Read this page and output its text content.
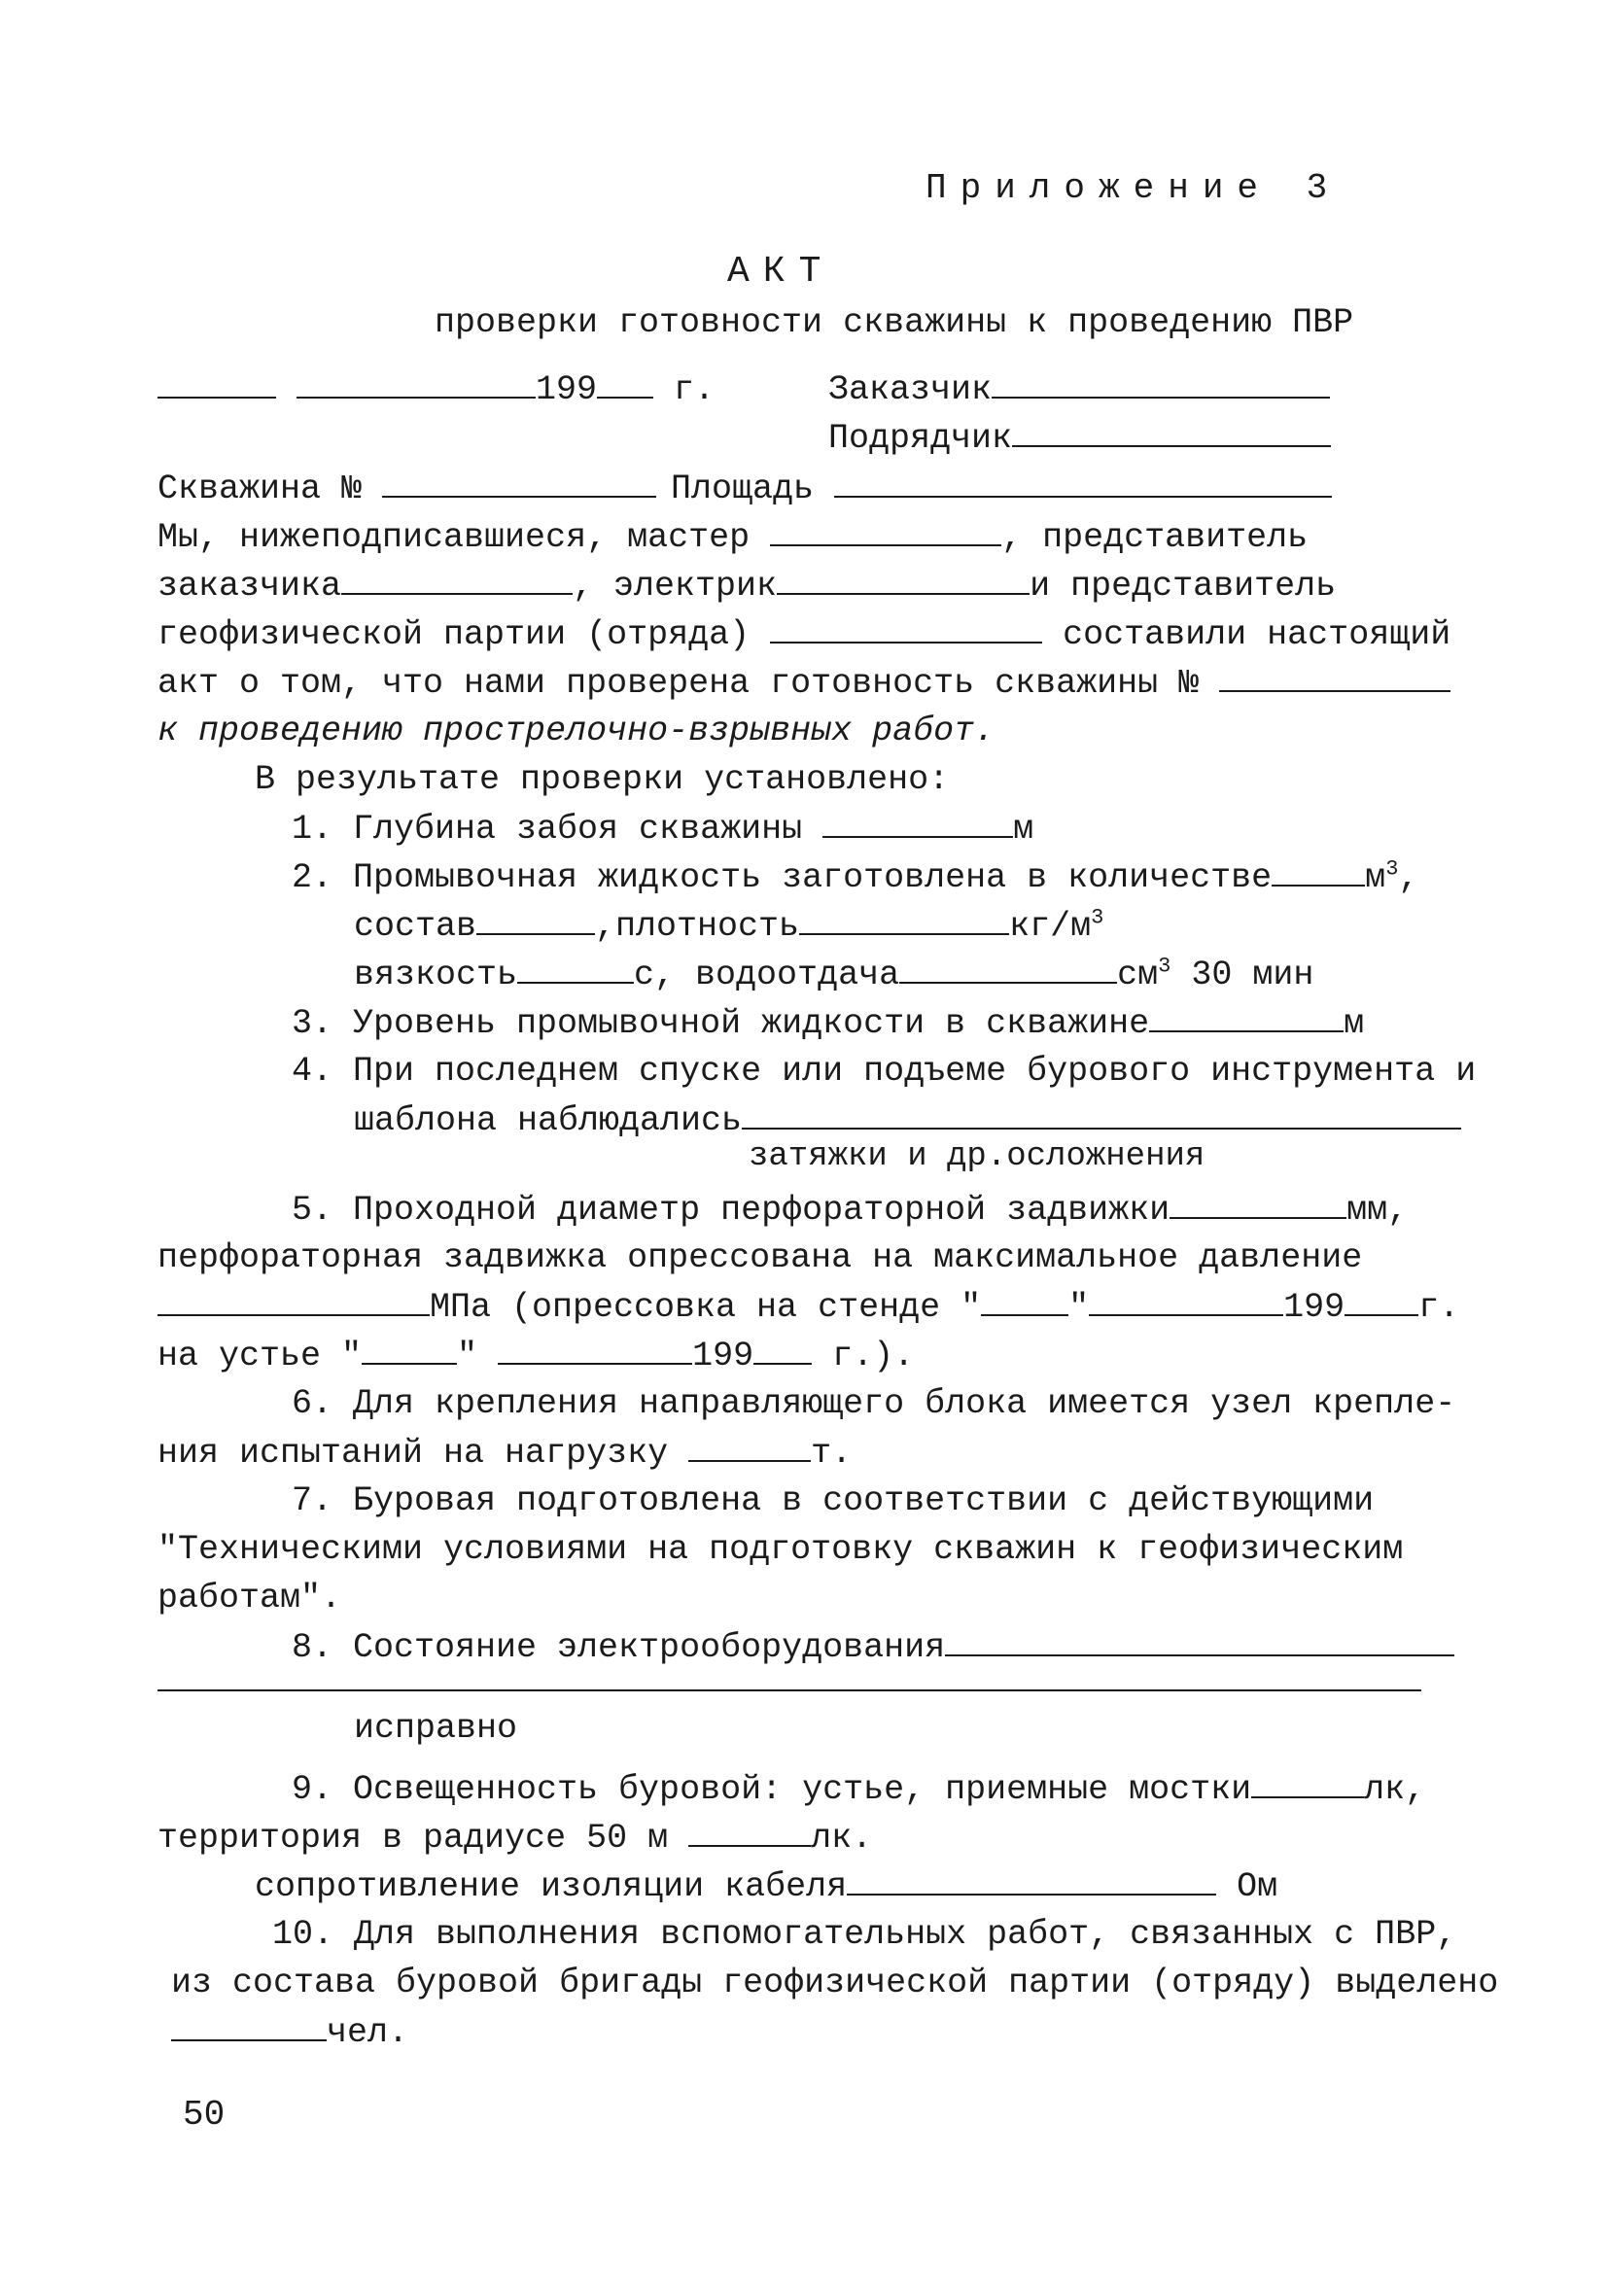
Приложение 3
АКТ
проверки готовности скважины к проведению ПВР
199 г.	Заказчик
Подрядчик
Скважина №	Площадь
Мы, нижеподписавшиеся, мастер	, представитель
заказчика	, электрик	и представитель
геофизической партии (отряда)	составили настоящий
акт о том, что нами проверена готовность скважины №
к проведению прострелочно-взрывных работ.
В результате проверки установлено:
1. Глубина забоя скважины	м
2. Промывочная жидкость заготовлена в количестве	$м^3$,
состав	,плотность	$кг/м^3$
вязкость	с, водоотдача	$см^3$ 30 мин
3. Уровень промывочной жидкости в скважине	м
4. При последнем спуске или подъеме бурового инструмента и
шаблона наблюдались
затяжки и др.осложнения
5. Проходной диаметр перфораторной задвижки	мм,
перфораторная задвижка опрессована на максимальное давление
МПа (опрессовка на стенде "	"	199 г.
на устье "	"	199 г.).
6. Для крепления направляющего блока имеется узел крепле-
ния испытаний на нагрузку	т.
7. Буровая подготовлена в соответствии с действующими
"Техническими условиями на подготовку скважин к геофизическим
работам".
8. Состояние электрооборудования
исправно
9. Освещенность буровой: устье, приемные мостки	лк,
территория в радиусе 50 м	лк.
сопротивление изоляции кабеля	Ом
10. Для выполнения вспомогательных работ, связанных с ПВР,
из состава буровой бригады геофизической партии (отряду) выделено
чел.
50
